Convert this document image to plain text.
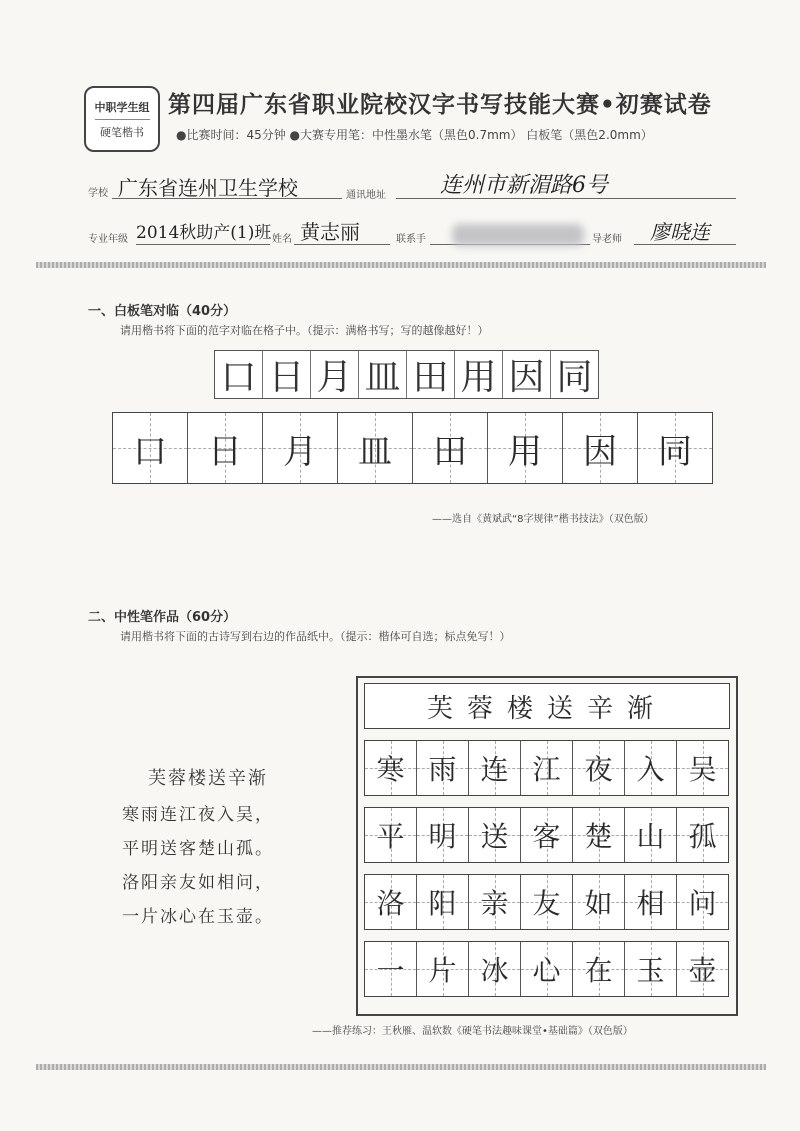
中职学生组
硬笔楷书
第四届广东省职业院校汉字书写技能大赛•初赛试卷
●比赛时间：45分钟 ●大赛专用笔：中性墨水笔（黑色0.7mm） 白板笔（黑色2.0mm）
学校 广东省连州卫生学校	通讯地址 连州市新湄路6号
专业年级 2014秋助产(1)班 姓名 黄志丽	联系手	导老师 廖晓连
一、白板笔对临（40分）
请用楷书将下面的范字对临在格子中。（提示：满格书写；写的越像越好！）
口 日 月 皿 田 用 因 同
口 日 月 皿 田 用 因 同
——选自《黄斌武“8字规律”楷书技法》（双色版）
二、中性笔作品（60分）
请用楷书将下面的古诗写到右边的作品纸中。（提示：楷体可自选；标点免写！）
芙蓉楼送辛渐
寒雨连江夜入吴，
平明送客楚山孤。
洛阳亲友如相问，
一片冰心在玉壶。
芙蓉楼送辛渐
寒 雨 连 江 夜 入 吴
平 明 送 客 楚 山 孤
洛 阳 亲 友 如 相 问
一 片 冰 心 在 玉 壶
——推荐练习：王秋雁、温软数《硬笔书法趣味课堂•基础篇》（双色版）
